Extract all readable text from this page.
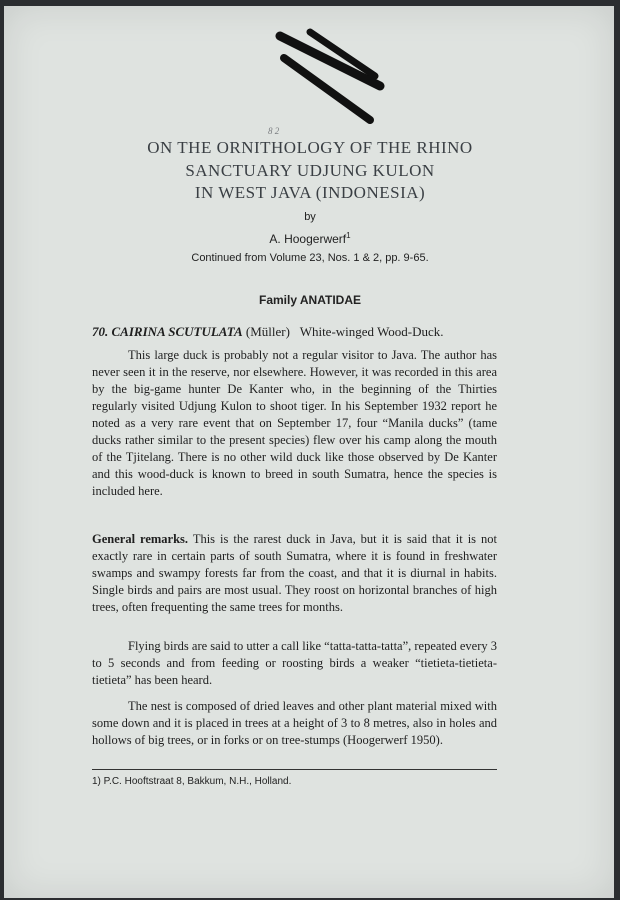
8 2
ON THE ORNITHOLOGY OF THE RHINO
SANCTUARY UDJUNG KULON
IN WEST JAVA (INDONESIA)
by
A. Hoogerwerf$^1$
Continued from Volume 23, Nos. 1 & 2, pp. 9-65.
Family ANATIDAE
70. CAIRINA SCUTULATA (Müller) White-winged Wood-Duck.

This large duck is probably not a regular visitor to Java. The author has never seen it in the reserve, nor elsewhere. However, it was recorded in this area by the big-game hunter De Kanter who, in the beginning of the Thirties regularly visited Udjung Kulon to shoot tiger. In his September 1932 report he noted as a very rare event that on September 17, four “Manila ducks” (tame ducks rather similar to the present species) flew over his camp along the mouth of the Tjitelang. There is no other wild duck like those observed by De Kanter and this wood-duck is known to breed in south Sumatra, hence the species is included here.

General remarks. This is the rarest duck in Java, but it is said that it is not exactly rare in certain parts of south Sumatra, where it is found in freshwater swamps and swampy forests far from the coast, and that it is diurnal in habits. Single birds and pairs are most usual. They roost on horizontal branches of high trees, often frequenting the same trees for months.

Flying birds are said to utter a call like “tatta-tatta-tatta”, repeated every 3 to 5 seconds and from feeding or roosting birds a weaker “tietieta-tietieta-tietieta” has been heard.

The nest is composed of dried leaves and other plant material mixed with some down and it is placed in trees at a height of 3 to 8 metres, also in holes and hollows of big trees, or in forks or on tree-stumps (Hoogerwerf 1950).

1) P.C. Hooftstraat 8, Bakkum, N.H., Holland.
